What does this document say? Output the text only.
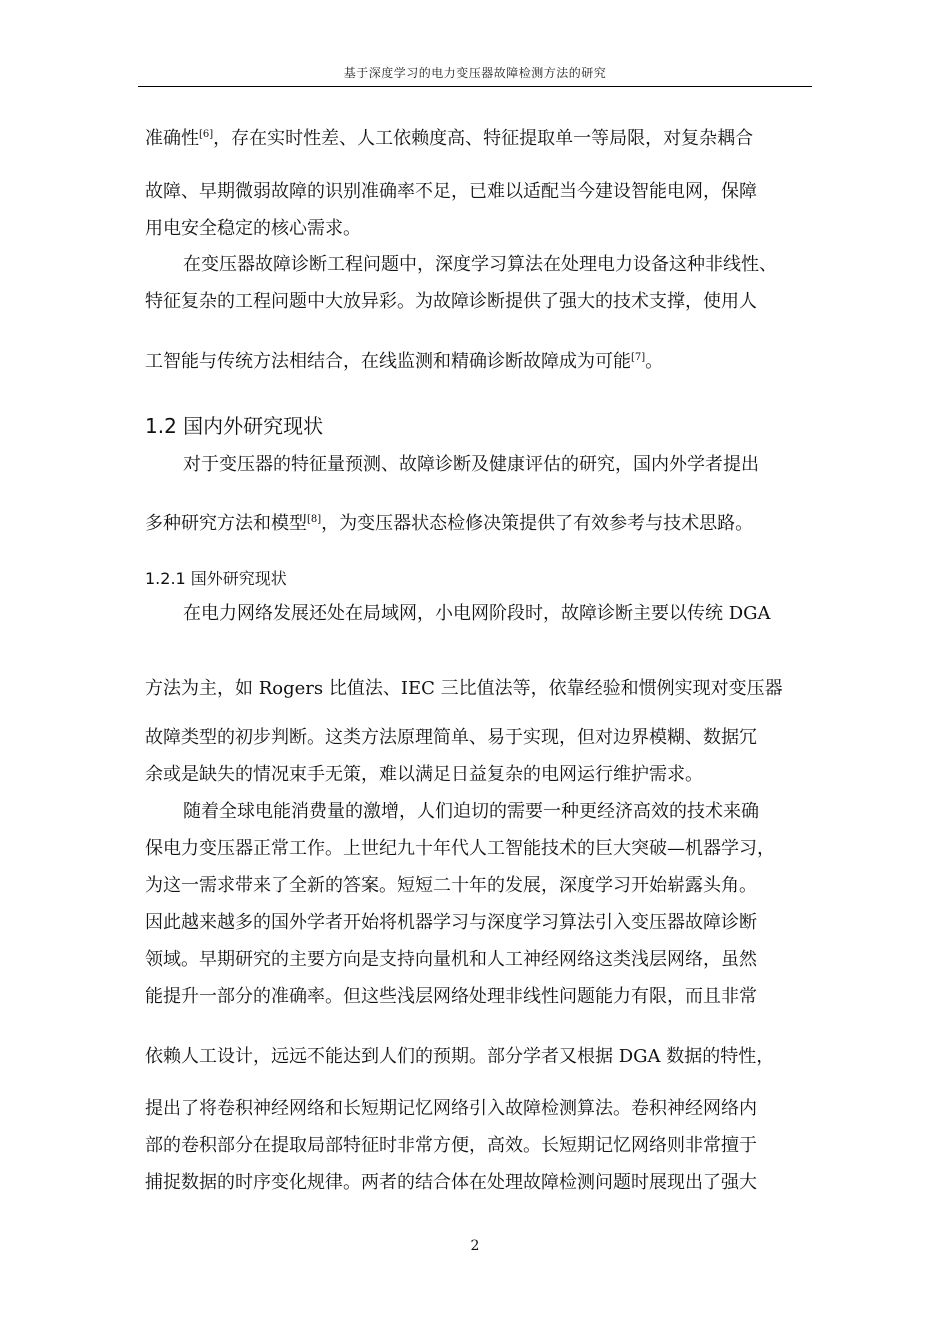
基于深度学习的电力变压器故障检测方法的研究
准确性[6]，存在实时性差、人工依赖度高、特征提取单一等局限，对复杂耦合
故障、早期微弱故障的识别准确率不足，已难以适配当今建设智能电网，保障
用电安全稳定的核心需求。
在变压器故障诊断工程问题中，深度学习算法在处理电力设备这种非线性、
特征复杂的工程问题中大放异彩。为故障诊断提供了强大的技术支撑，使用人
工智能与传统方法相结合，在线监测和精确诊断故障成为可能[7]。
1.2 国内外研究现状
对于变压器的特征量预测、故障诊断及健康评估的研究，国内外学者提出
多种研究方法和模型[8]，为变压器状态检修决策提供了有效参考与技术思路。
1.2.1 国外研究现状
在电力网络发展还处在局域网，小电网阶段时，故障诊断主要以传统 DGA
方法为主，如 Rogers 比值法、IEC 三比值法等，依靠经验和惯例实现对变压器
故障类型的初步判断。这类方法原理简单、易于实现，但对边界模糊、数据冗
余或是缺失的情况束手无策，难以满足日益复杂的电网运行维护需求。
随着全球电能消费量的激增，人们迫切的需要一种更经济高效的技术来确
保电力变压器正常工作。上世纪九十年代人工智能技术的巨大突破—机器学习，
为这一需求带来了全新的答案。短短二十年的发展，深度学习开始崭露头角。
因此越来越多的国外学者开始将机器学习与深度学习算法引入变压器故障诊断
领域。早期研究的主要方向是支持向量机和人工神经网络这类浅层网络，虽然
能提升一部分的准确率。但这些浅层网络处理非线性问题能力有限，而且非常
依赖人工设计，远远不能达到人们的预期。部分学者又根据 DGA 数据的特性，
提出了将卷积神经网络和长短期记忆网络引入故障检测算法。卷积神经网络内
部的卷积部分在提取局部特征时非常方便，高效。长短期记忆网络则非常擅于
捕捉数据的时序变化规律。两者的结合体在处理故障检测问题时展现出了强大
2
